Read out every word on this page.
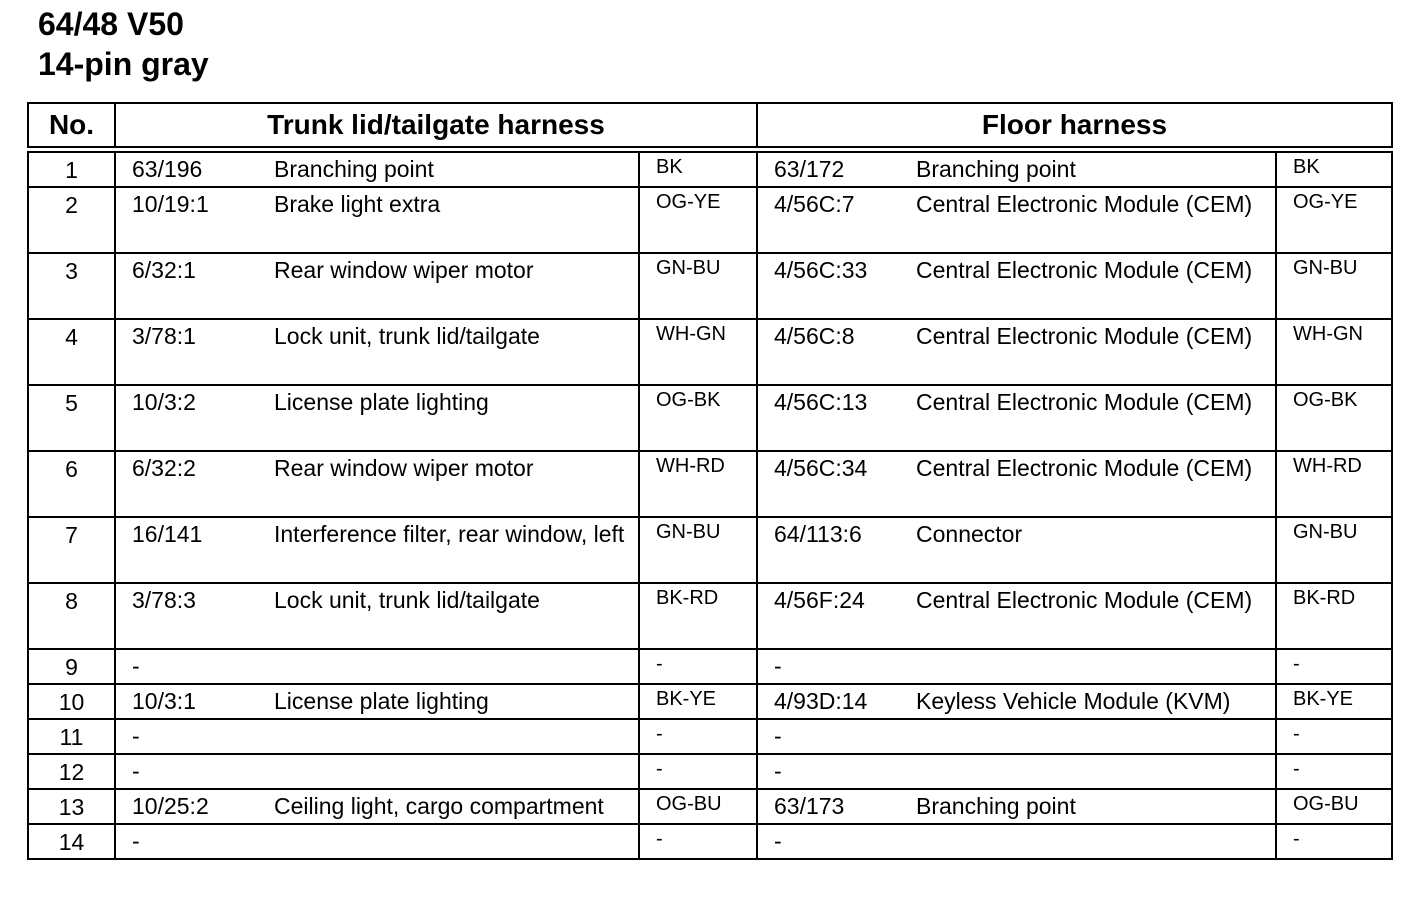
64/48 V50
14-pin gray
No.	Trunk lid/tailgate harness		Floor harness	
1	63/196 Branching point	BK	63/172 Branching point	BK
2	10/19:1 Brake light extra	OG-YE	4/56C:7 Central Electronic Module (CEM)	OG-YE
3	6/32:1 Rear window wiper motor	GN-BU	4/56C:33 Central Electronic Module (CEM)	GN-BU
4	3/78:1 Lock unit, trunk lid/tailgate	WH-GN	4/56C:8 Central Electronic Module (CEM)	WH-GN
5	10/3:2 License plate lighting	OG-BK	4/56C:13 Central Electronic Module (CEM)	OG-BK
6	6/32:2 Rear window wiper motor	WH-RD	4/56C:34 Central Electronic Module (CEM)	WH-RD
7	16/141 Interference filter, rear window, left	GN-BU	64/113:6 Connector	GN-BU
8	3/78:3 Lock unit, trunk lid/tailgate	BK-RD	4/56F:24 Central Electronic Module (CEM)	BK-RD
9	-	-	-	-
10	10/3:1 License plate lighting	BK-YE	4/93D:14 Keyless Vehicle Module (KVM)	BK-YE
11	-	-	-	-
12	-	-	-	-
13	10/25:2 Ceiling light, cargo compartment	OG-BU	63/173 Branching point	OG-BU
14	-	-	-	-
